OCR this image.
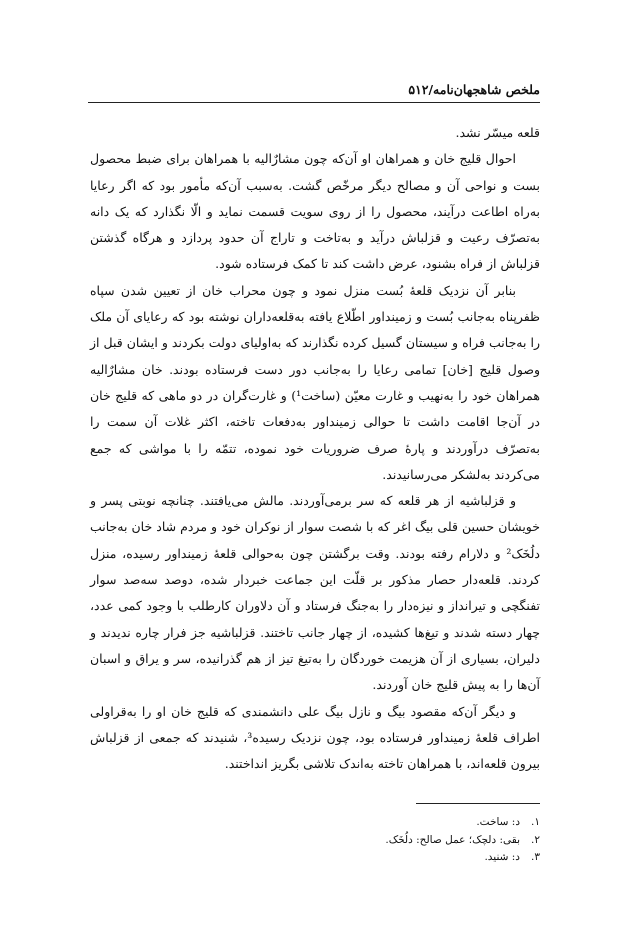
ملخص شاهجهان‌نامه/۵۱۲

قلعه میسّر نشد.

احوال قلیج خان و همراهان او آن‌که چون مشارٌالیه با همراهان برای ضبط محصول بست و نواحی آن و مصالح دیگر مرخّص گشت. به‌سبب آن‌که مأمور بود که اگر رعایا به‌راه اطاعت درآیند، محصول را از روی سویت قسمت نماید و الّا نگذارد که یک دانه به‌تصرّف رعیت و قزلباش درآید و به‌تاخت و تاراج آن حدود پردازد و هرگاه گذشتن قزلباش از فراه بشنود، عرض داشت کند تا کمک فرستاده شود.

بنابر آن نزدیک قلعهٔ بُست منزل نمود و چون محراب خان از تعیین شدن سپاه ظفرپناه به‌جانب بُست و زمینداور اطّلاع یافته به‌قلعه‌داران نوشته بود که رعایای آن ملک را به‌جانب فراه و سیستان گسیل کرده نگذارند که به‌اولیای دولت بکردند و ایشان قبل از وصول قلیج [خان] تمامی رعایا را به‌جانب دور دست فرستاده بودند. خان مشارٌالیه همراهان خود را به‌نهیب و غارت معیّن (ساخت¹) و غارت‌گران در دو ماهی که قلیج خان در آن‌جا اقامت داشت تا حوالی زمینداور به‌دفعات تاخته، اکثر غلات آن سمت را به‌تصرّف درآوردند و پارهٔ صرف ضروریات خود نموده، تتمّه را با مواشی که جمع می‌کردند به‌لشکر می‌رسانیدند.

و قزلباشیه از هر قلعه که سر برمی‌آوردند. مالش می‌یافتند. چنانچه نوبتی پسر و خویشان حسین قلی بیگ اغر که با شصت سوار از نوکران خود و مردم شاد خان به‌جانب دلُخَک² و دلارام رفته بودند. وقت برگشتن چون به‌حوالی قلعهٔ زمینداور رسیده، منزل کردند. قلعه‌دار حصار مذکور بر قلّت این جماعت خبردار شده، دوصد سه‌صد سوار تفنگچی و تیرانداز و نیزه‌دار را به‌جنگ فرستاد و آن دلاوران کارطلب با وجود کمی عدد، چهار دسته شدند و تیغ‌ها کشیده، از چهار جانب تاختند. قزلباشیه جز فرار چاره ندیدند و دلیران، بسیاری از آن هزیمت خوردگان را به‌تیغ تیز از هم گذرانیده، سر و یراق و اسبان آن‌ها را به پیش قلیج خان آوردند.

و دیگر آن‌که مقصود بیگ و نازل بیگ علی دانشمندی که قلیج خان او را به‌قراولی اطراف قلعهٔ زمینداور فرستاده بود، چون نزدیک رسیده³، شنیدند که جمعی از قزلباش بیرون قلعه‌اند، با همراهان تاخته به‌اندک تلاشی بگریز انداختند.

۱.د: ساخت.
۲.بقی: دلچک؛ عمل صالح: دلُخَک.
۳.د: شنید.
